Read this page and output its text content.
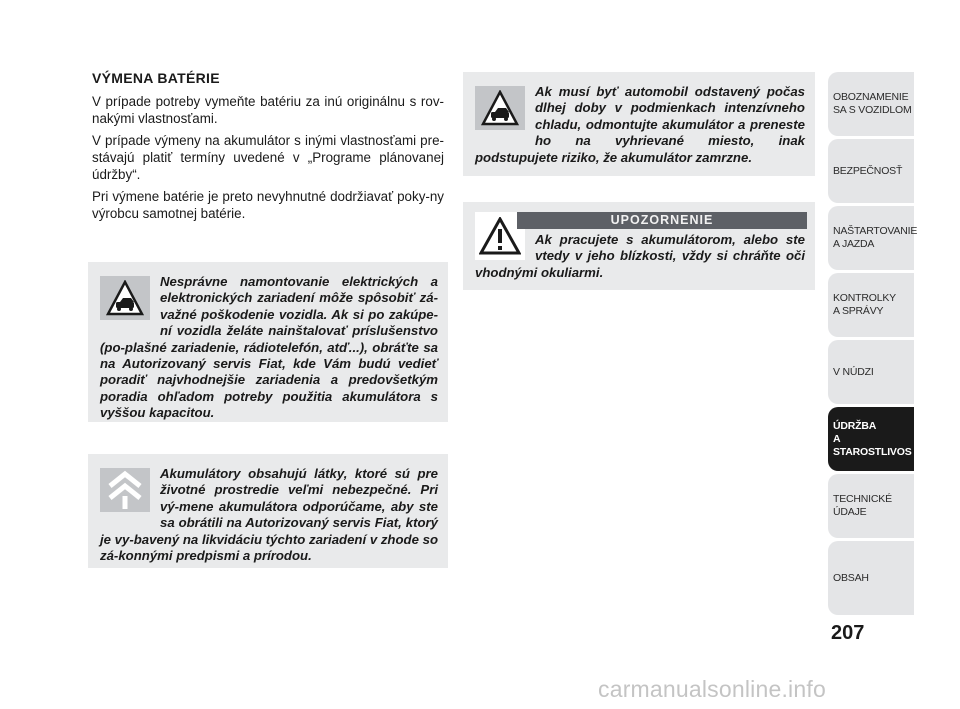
VÝMENA BATÉRIE

V prípade potreby vymeňte batériu za inú originálnu s rov-nakými vlastnosťami.

V prípade výmeny na akumulátor s inými vlastnosťami pre-stávajú platiť termíny uvedené v „Programe plánovanej údržby“.

Pri výmene batérie je preto nevyhnutné dodržiavať poky-ny výrobcu samotnej batérie.

Nesprávne namontovanie elektrických a elektronických zariadení môže spôsobiť zá-važné poškodenie vozidla. Ak si po zakúpe-ní vozidla želáte nainštalovať príslušenstvo (po-plašné zariadenie, rádiotelefón, atď...), obráťte sa na Autorizovaný servis Fiat, kde Vám budú vedieť poradiť najvhodnejšie zariadenia a predovšetkým poradia ohľadom potreby použitia akumulátora s vyššou kapacitou.
Akumulátory obsahujú látky, ktoré sú pre životné prostredie veľmi nebezpečné. Pri vý-mene akumulátora odporúčame, aby ste sa obrátili na Autorizovaný servis Fiat, ktorý je vy-bavený na likvidáciu týchto zariadení v zhode so zá-konnými predpismi a prírodou.
Ak musí byť automobil odstavený počas dlhej doby v podmienkach intenzívneho chladu, odmontujte akumulátor a preneste ho na vyhrievané miesto, inak podstupujete riziko, že akumulátor zamrzne.
UPOZORNENIE
Ak pracujete s akumulátorom, alebo ste vtedy v jeho blízkosti, vždy si chráňte oči vhodnými okuliarmi.
OBOZNAMENIE
SA S VOZIDLOM
BEZPEČNOSŤ
NAŠTARTOVANIE
A JAZDA
KONTROLKY
A SPRÁVY
V NÚDZI
ÚDRŽBA
A STAROSTLIVOS
TECHNICKÉ
ÚDAJE
OBSAH
207
carmanualsonline.info
